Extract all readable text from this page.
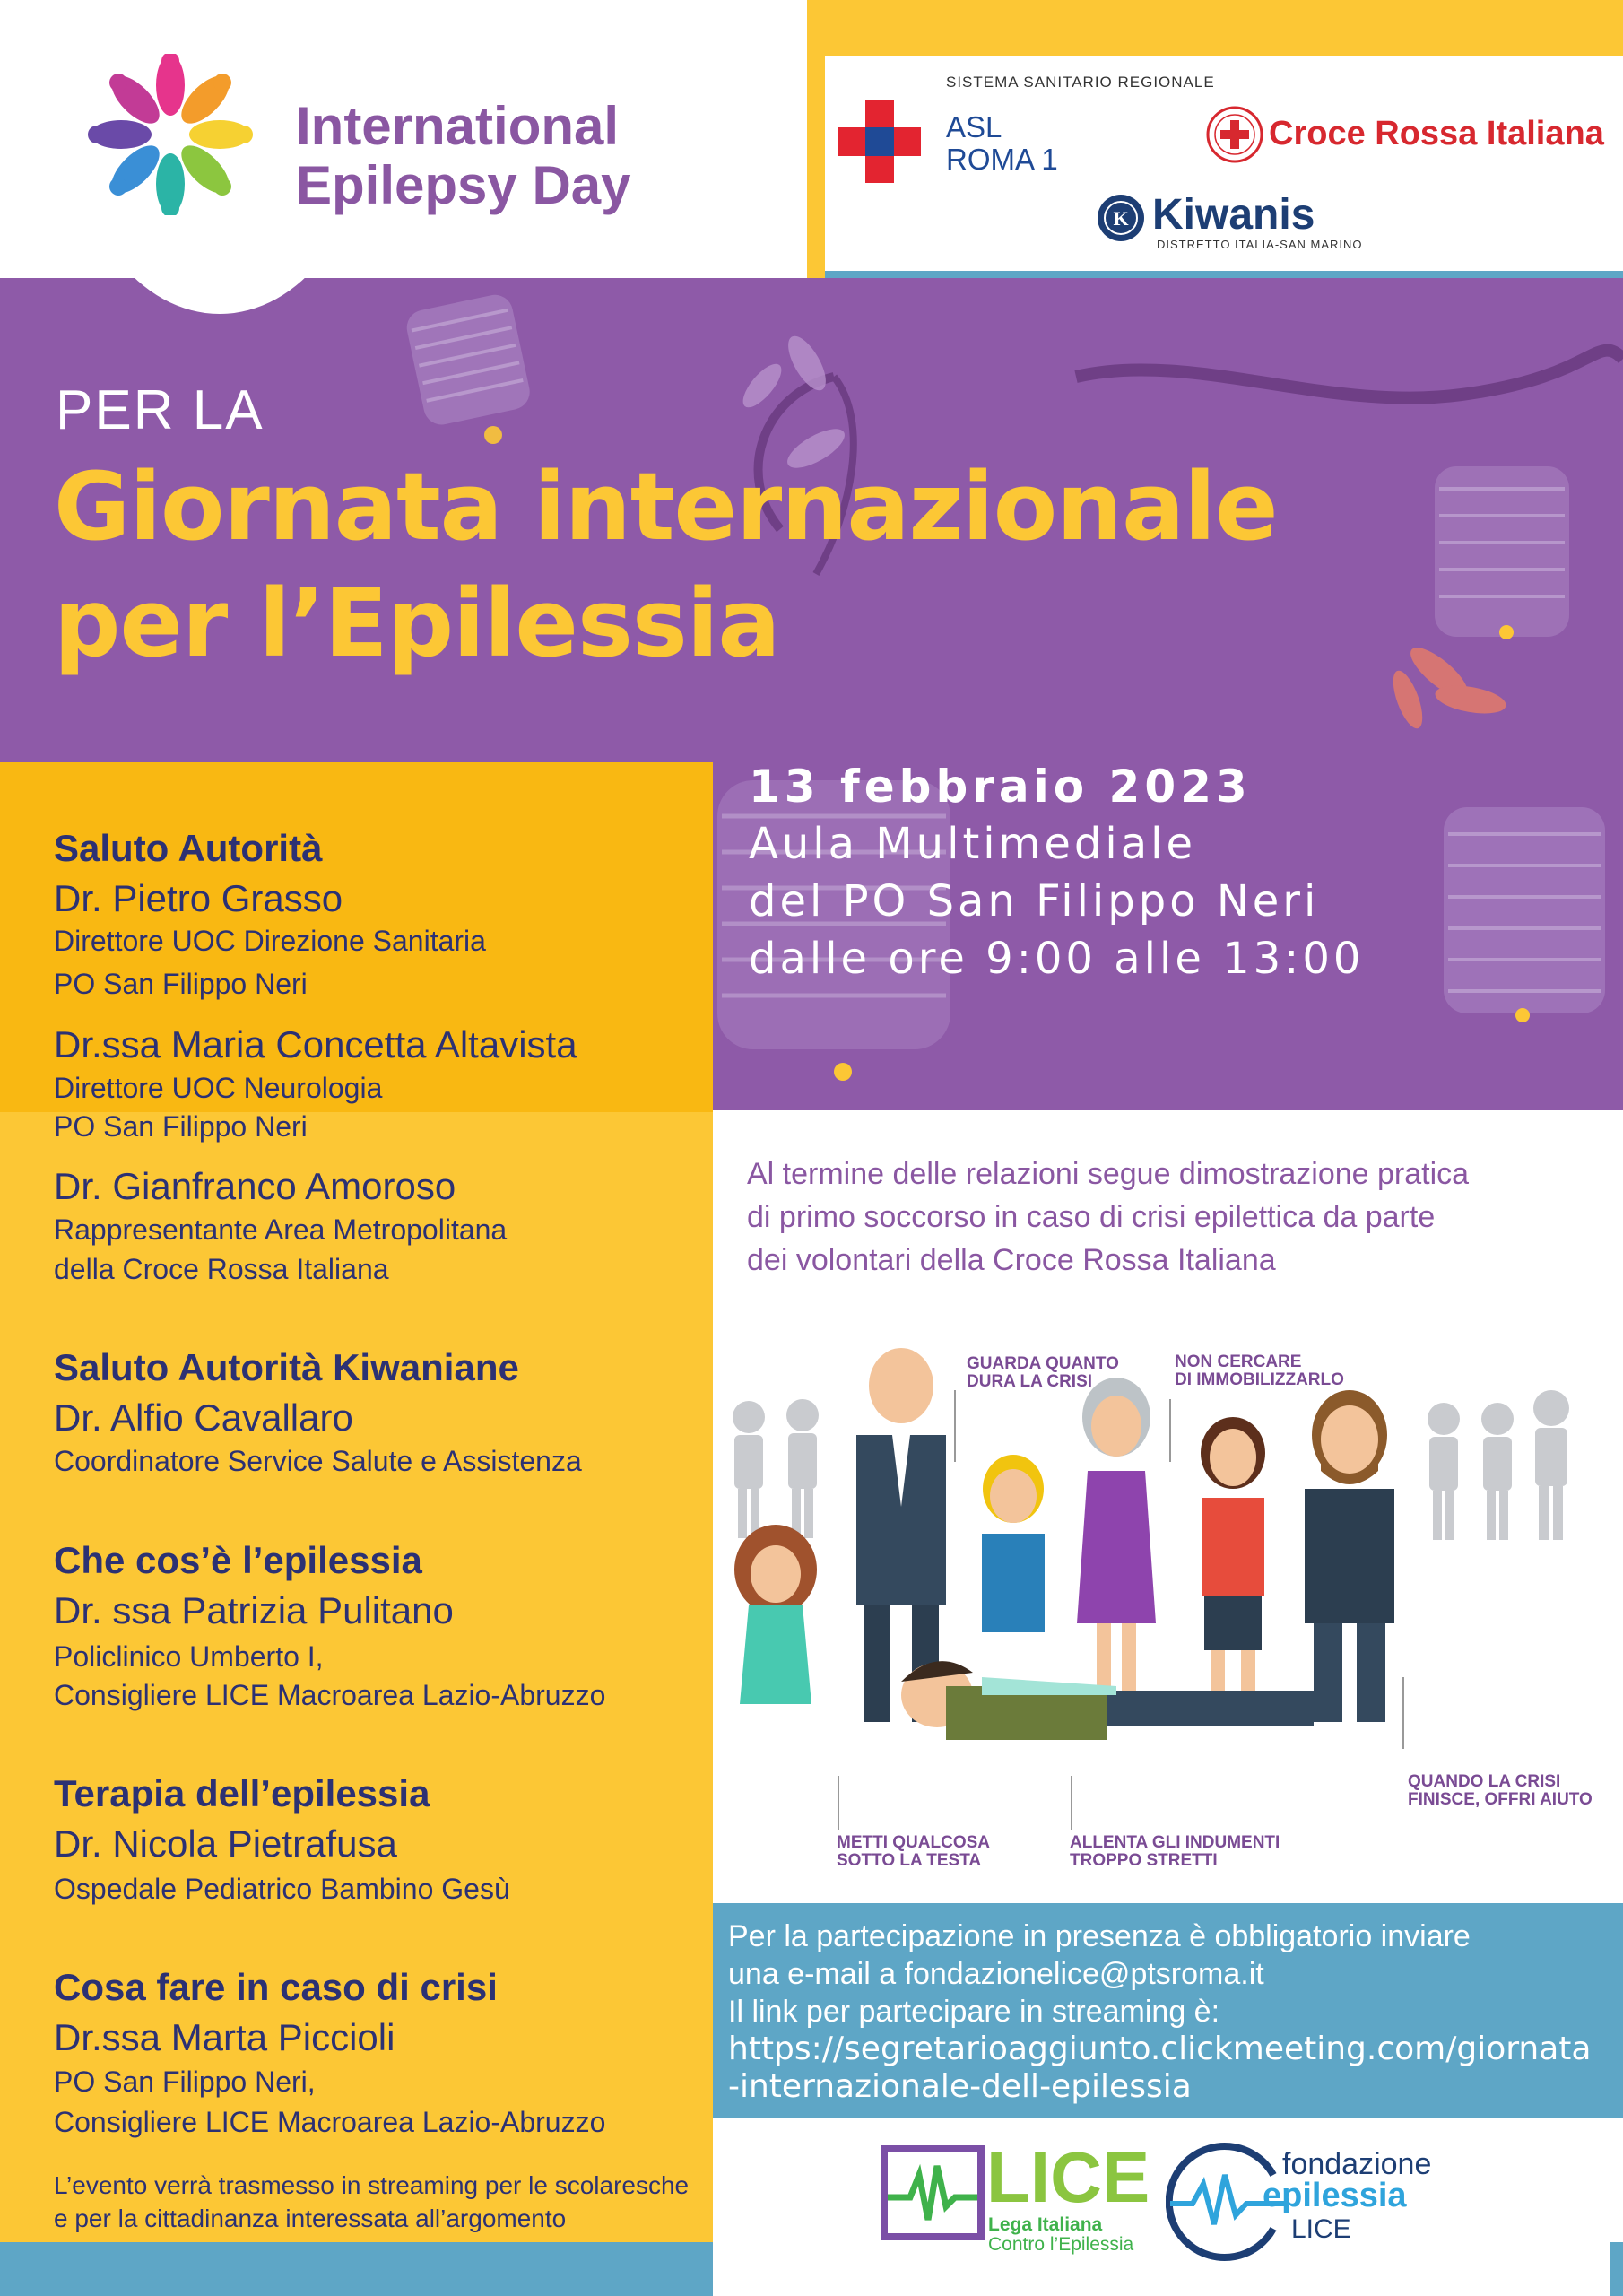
International
Epilepsy Day
SISTEMA SANITARIO REGIONALE
ASL
ROMA 1
Croce Rossa Italiana
K Kiwanis
DISTRETTO ITALIA-SAN MARINO
PER LA
Giornata internazionale
per l’Epilessia
13 febbraio 2023
Aula Multimediale
del PO San Filippo Neri
dalle ore 9:00 alle 13:00
Saluto Autorità
Dr. Pietro Grasso
Direttore UOC Direzione Sanitaria
PO San Filippo Neri
Dr.ssa Maria Concetta Altavista
Direttore UOC Neurologia
PO San Filippo Neri
Dr. Gianfranco Amoroso
Rappresentante Area Metropolitana
della Croce Rossa Italiana
Saluto Autorità Kiwaniane
Dr. Alfio Cavallaro
Coordinatore Service Salute e Assistenza
Che cos’è l’epilessia
Dr. ssa Patrizia Pulitano
Policlinico Umberto I,
Consigliere LICE Macroarea Lazio-Abruzzo
Terapia dell’epilessia
Dr. Nicola Pietrafusa
Ospedale Pediatrico Bambino Gesù
Cosa fare in caso di crisi
Dr.ssa Marta Piccioli
PO San Filippo Neri,
Consigliere LICE Macroarea Lazio-Abruzzo
L’evento verrà trasmesso in streaming per le scolaresche
e per la cittadinanza interessata all’argomento
Al termine delle relazioni segue dimostrazione pratica
di primo soccorso in caso di crisi epilettica da parte
dei volontari della Croce Rossa Italiana
GUARDA QUANTO
DURA LA CRISI
NON CERCARE
DI IMMOBILIZZARLO
QUANDO LA CRISI
FINISCE, OFFRI AIUTO
METTI QUALCOSA
SOTTO LA TESTA
ALLENTA GLI INDUMENTI
TROPPO STRETTI
Per la partecipazione in presenza è obbligatorio inviare
una e-mail a fondazionelice@ptsroma.it
Il link per partecipare in streaming è:
https://segretarioaggiunto.clickmeeting.com/giornata
-internazionale-dell-epilessia
LICE
Lega Italiana
Contro l’Epilessia
fondazione
epilessia
LICE
